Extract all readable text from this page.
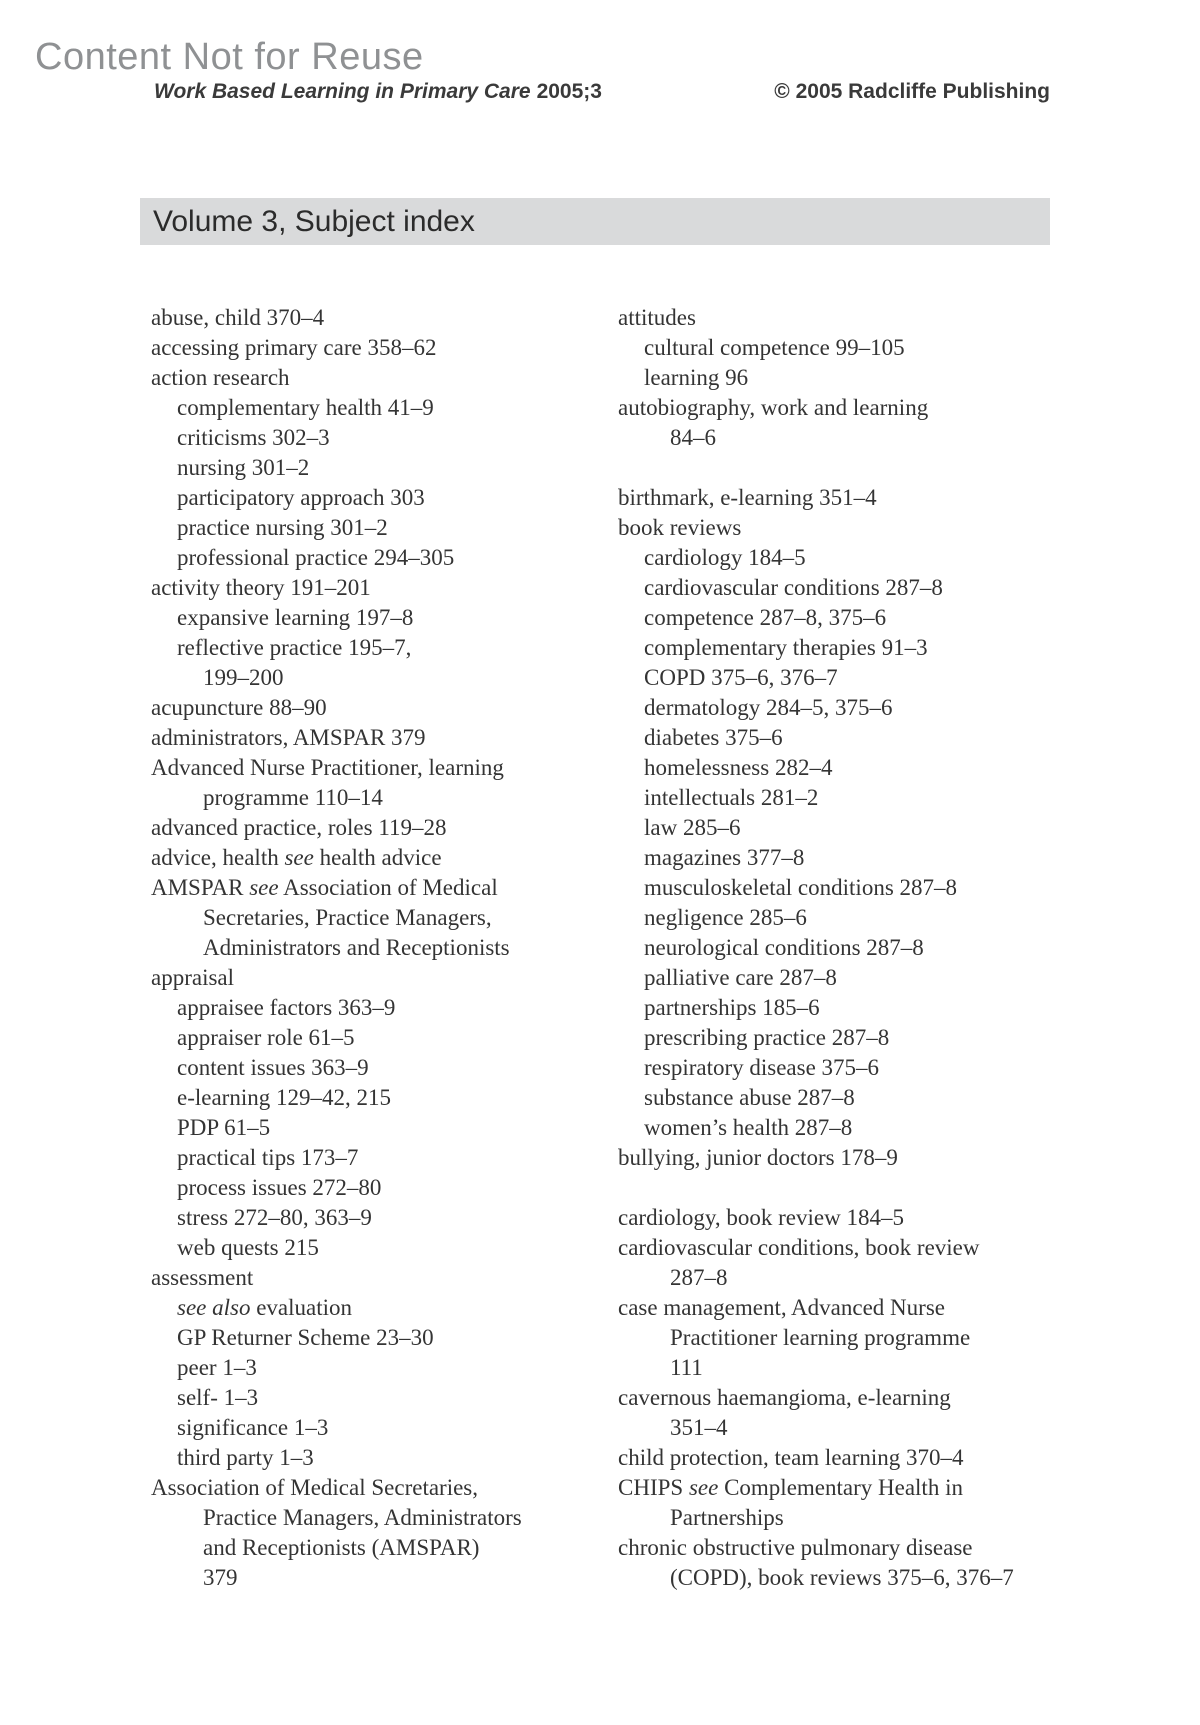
Content Not for Reuse
Work Based Learning in Primary Care 2005;3	© 2005 Radcliffe Publishing
Volume 3, Subject index
abuse, child 370–4
accessing primary care 358–62
action research
complementary health 41–9
criticisms 302–3
nursing 301–2
participatory approach 303
practice nursing 301–2
professional practice 294–305
activity theory 191–201
expansive learning 197–8
reflective practice 195–7,
199–200
acupuncture 88–90
administrators, AMSPAR 379
Advanced Nurse Practitioner, learning
programme 110–14
advanced practice, roles 119–28
advice, health see health advice
AMSPAR see Association of Medical
Secretaries, Practice Managers,
Administrators and Receptionists
appraisal
appraisee factors 363–9
appraiser role 61–5
content issues 363–9
e-learning 129–42, 215
PDP 61–5
practical tips 173–7
process issues 272–80
stress 272–80, 363–9
web quests 215
assessment
see also evaluation
GP Returner Scheme 23–30
peer 1–3
self- 1–3
significance 1–3
third party 1–3
Association of Medical Secretaries,
Practice Managers, Administrators
and Receptionists (AMSPAR)
379
attitudes
cultural competence 99–105
learning 96
autobiography, work and learning
84–6
birthmark, e-learning 351–4
book reviews
cardiology 184–5
cardiovascular conditions 287–8
competence 287–8, 375–6
complementary therapies 91–3
COPD 375–6, 376–7
dermatology 284–5, 375–6
diabetes 375–6
homelessness 282–4
intellectuals 281–2
law 285–6
magazines 377–8
musculoskeletal conditions 287–8
negligence 285–6
neurological conditions 287–8
palliative care 287–8
partnerships 185–6
prescribing practice 287–8
respiratory disease 375–6
substance abuse 287–8
women’s health 287–8
bullying, junior doctors 178–9
cardiology, book review 184–5
cardiovascular conditions, book review
287–8
case management, Advanced Nurse
Practitioner learning programme
111
cavernous haemangioma, e-learning
351–4
child protection, team learning 370–4
CHIPS see Complementary Health in
Partnerships
chronic obstructive pulmonary disease
(COPD), book reviews 375–6, 376–7
